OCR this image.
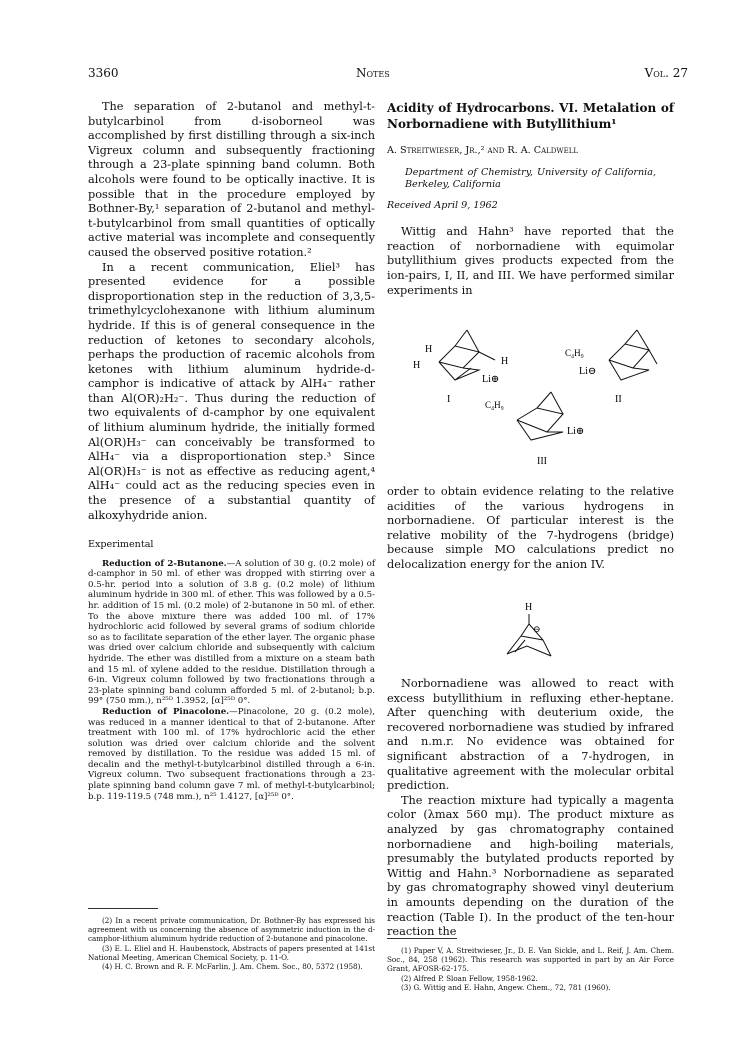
3360	Notes	Vol. 27

The separation of 2-butanol and methyl-t-butylcarbinol from d-isoborneol was accomplished by first distilling through a six-inch Vigreux column and subsequently fractioning through a 23-plate spinning band column. Both alcohols were found to be optically inactive. It is possible that in the procedure employed by Bothner-By,¹ separation of 2-butanol and methyl-t-butylcarbinol from small quantities of optically active material was incomplete and consequently caused the observed positive rotation.²

In a recent communication, Eliel³ has presented evidence for a possible disproportionation step in the reduction of 3,3,5-trimethylcyclohexanone with lithium aluminum hydride. If this is of general consequence in the reduction of ketones to secondary alcohols, perhaps the production of racemic alcohols from ketones with lithium aluminum hydride-d-camphor is indicative of attack by AlH₄⁻ rather than Al(OR)₂H₂⁻. Thus during the reduction of two equivalents of d-camphor by one equivalent of lithium aluminum hydride, the initially formed Al(OR)H₃⁻ can conceivably be transformed to AlH₄⁻ via a disproportionation step.³ Since Al(OR)H₃⁻ is not as effective as reducing agent,⁴ AlH₄⁻ could act as the reducing species even in the presence of a substantial quantity of alkoxyhydride anion.

Experimental

Reduction of 2-Butanone.—A solution of 30 g. (0.2 mole) of d-camphor in 50 ml. of ether was dropped with stirring over a 0.5-hr. period into a solution of 3.8 g. (0.2 mole) of lithium aluminum hydride in 300 ml. of ether. This was followed by a 0.5-hr. addition of 15 ml. (0.2 mole) of 2-butanone in 50 ml. of ether. To the above mixture there was added 100 ml. of 17% hydrochloric acid followed by several grams of sodium chloride so as to facilitate separation of the ether layer. The organic phase was dried over calcium chloride and subsequently with calcium hydride. The ether was distilled from a mixture on a steam bath and 15 ml. of xylene added to the residue. Distillation through a 6-in. Vigreux column followed by two fractionations through a 23-plate spinning band column afforded 5 ml. of 2-butanol; b.p. 99° (750 mm.), n²⁵ᴰ 1.3952, [α]²⁵ᴰ 0°.

Reduction of Pinacolone.—Pinacolone, 20 g. (0.2 mole), was reduced in a manner identical to that of 2-butanone. After treatment with 100 ml. of 17% hydrochloric acid the ether solution was dried over calcium chloride and the solvent removed by distillation. To the residue was added 15 ml. of decalin and the methyl-t-butylcarbinol distilled through a 6-in. Vigreux column. Two subsequent fractionations through a 23-plate spinning band column gave 7 ml. of methyl-t-butylcarbinol; b.p. 119-119.5 (748 mm.), n²⁵ 1.4127, [α]²⁵ᴰ 0°.

(2) In a recent private communication, Dr. Bothner-By has expressed his agreement with us concerning the absence of asymmetric induction in the d-camphor-lithium aluminum hydride reduction of 2-butanone and pinacolone.

(3) E. L. Eliel and H. Haubenstock, Abstracts of papers presented at 141st National Meeting, American Chemical Society, p. 11-O.

(4) H. C. Brown and R. F. McFarlin, J. Am. Chem. Soc., 80, 5372 (1958).

Acidity of Hydrocarbons. VI. Metalation of Norbornadiene with Butyllithium¹

A. Streitwieser, Jr.,² and R. A. Caldwell

Department of Chemistry, University of California, Berkeley, California

Received April 9, 1962

Wittig and Hahn³ have reported that the reaction of norbornadiene with equimolar butyllithium gives products expected from the ion-pairs, I, II, and III. We have performed similar experiments in

H
H	H
Li⊕
I
C₄H₉
Li⊖
II
C₄H₉
Li⊕
III

order to obtain evidence relating to the relative acidities of the various hydrogens in norbornadiene. Of particular interest is the relative mobility of the 7-hydrogens (bridge) because simple MO calculations predict no delocalization energy for the anion IV.

H
⊖

Norbornadiene was allowed to react with excess butyllithium in refluxing ether-heptane. After quenching with deuterium oxide, the recovered norbornadiene was studied by infrared and n.m.r. No evidence was obtained for significant abstraction of a 7-hydrogen, in qualitative agreement with the molecular orbital prediction.

The reaction mixture had typically a magenta color (λmax 560 mμ). The product mixture as analyzed by gas chromatography contained norbornadiene and high-boiling materials, presumably the butylated products reported by Wittig and Hahn.³ Norbornadiene as separated by gas chromatography showed vinyl deuterium in amounts depending on the duration of the reaction (Table I). In the product of the ten-hour reaction the

(1) Paper V, A. Streitwieser, Jr., D. E. Van Sickle, and L. Reif, J. Am. Chem. Soc., 84, 258 (1962). This research was supported in part by an Air Force Grant, AFOSR-62-175.

(2) Alfred P. Sloan Fellow, 1958-1962.

(3) G. Wittig and E. Hahn, Angew. Chem., 72, 781 (1960).
